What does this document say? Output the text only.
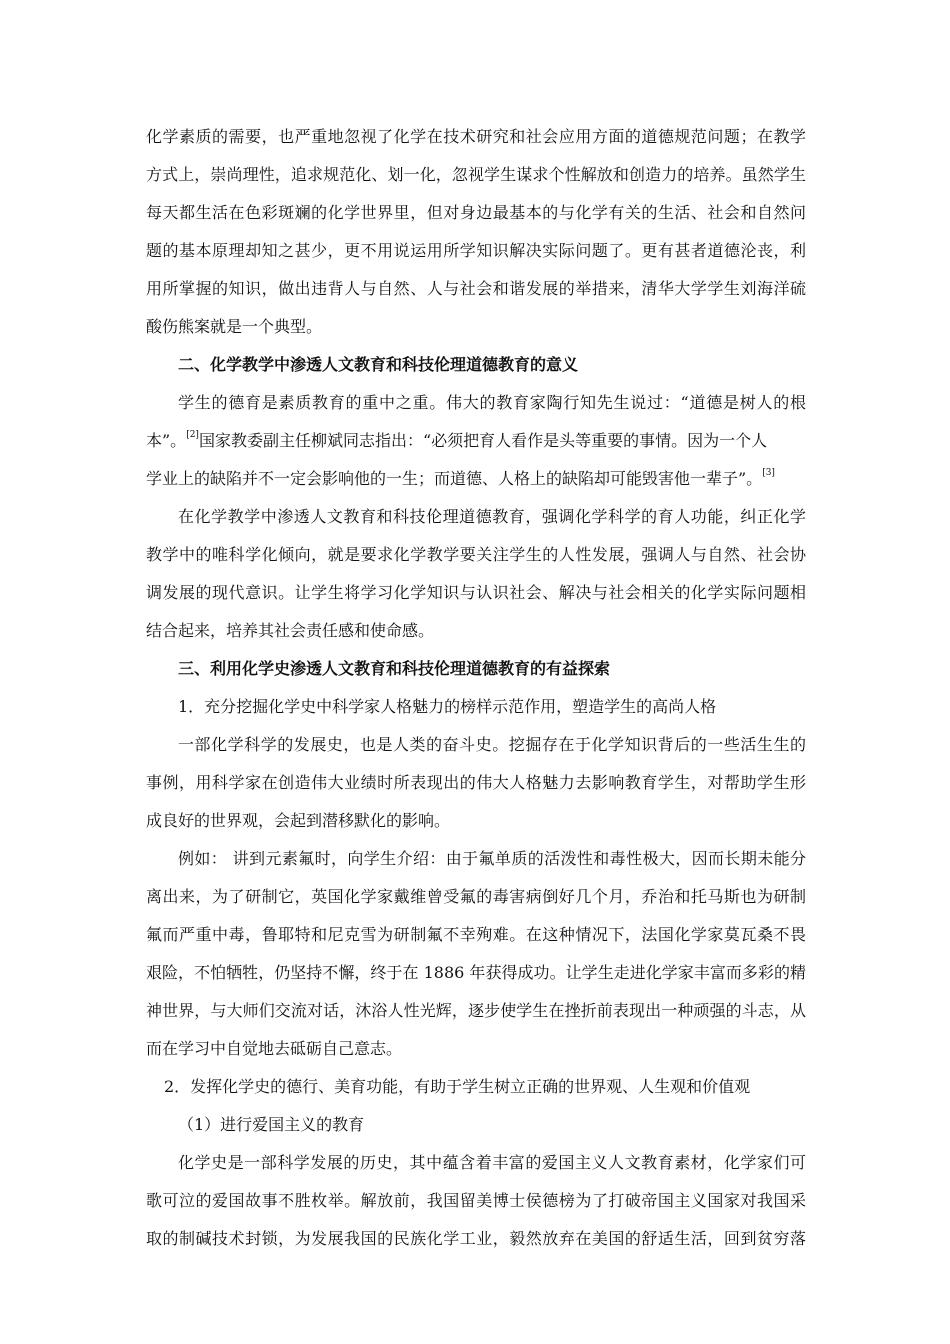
化学素质的需要，也严重地忽视了化学在技术研究和社会应用方面的道德规范问题；在教学
方式上，崇尚理性，追求规范化、划一化，忽视学生谋求个性解放和创造力的培养。虽然学生
每天都生活在色彩斑斓的化学世界里，但对身边最基本的与化学有关的生活、社会和自然问
题的基本原理却知之甚少，更不用说运用所学知识解决实际问题了。更有甚者道德沦丧，利
用所掌握的知识，做出违背人与自然、人与社会和谐发展的举措来，清华大学学生刘海洋硫
酸伤熊案就是一个典型。
二、化学教学中渗透人文教育和科技伦理道德教育的意义
学生的德育是素质教育的重中之重。伟大的教育家陶行知先生说过：“道德是树人的根
本”。[2]国家教委副主任柳斌同志指出：“必须把育人看作是头等重要的事情。因为一个人
学业上的缺陷并不一定会影响他的一生；而道德、人格上的缺陷却可能毁害他一辈子”。[3]
在化学教学中渗透人文教育和科技伦理道德教育，强调化学科学的育人功能，纠正化学
教学中的唯科学化倾向，就是要求化学教学要关注学生的人性发展，强调人与自然、社会协
调发展的现代意识。让学生将学习化学知识与认识社会、解决与社会相关的化学实际问题相
结合起来，培养其社会责任感和使命感。
三、利用化学史渗透人文教育和科技伦理道德教育的有益探索
1．充分挖掘化学史中科学家人格魅力的榜样示范作用，塑造学生的高尚人格
一部化学科学的发展史，也是人类的奋斗史。挖掘存在于化学知识背后的一些活生生的
事例，用科学家在创造伟大业绩时所表现出的伟大人格魅力去影响教育学生，对帮助学生形
成良好的世界观，会起到潜移默化的影响。
例如： 讲到元素氟时，向学生介绍：由于氟单质的活泼性和毒性极大，因而长期未能分
离出来，为了研制它，英国化学家戴维曾受氟的毒害病倒好几个月，乔治和托马斯也为研制
氟而严重中毒，鲁耶特和尼克雪为研制氟不幸殉难。在这种情况下，法国化学家莫瓦桑不畏
艰险，不怕牺牲，仍坚持不懈，终于在 1886 年获得成功。让学生走进化学家丰富而多彩的精
神世界，与大师们交流对话，沐浴人性光辉，逐步使学生在挫折前表现出一种顽强的斗志，从
而在学习中自觉地去砥砺自己意志。
2．发挥化学史的德行、美育功能，有助于学生树立正确的世界观、人生观和价值观
（1）进行爱国主义的教育
化学史是一部科学发展的历史，其中蕴含着丰富的爱国主义人文教育素材，化学家们可
歌可泣的爱国故事不胜枚举。解放前，我国留美博士侯德榜为了打破帝国主义国家对我国采
取的制碱技术封锁，为发展我国的民族化学工业，毅然放弃在美国的舒适生活，回到贫穷落
